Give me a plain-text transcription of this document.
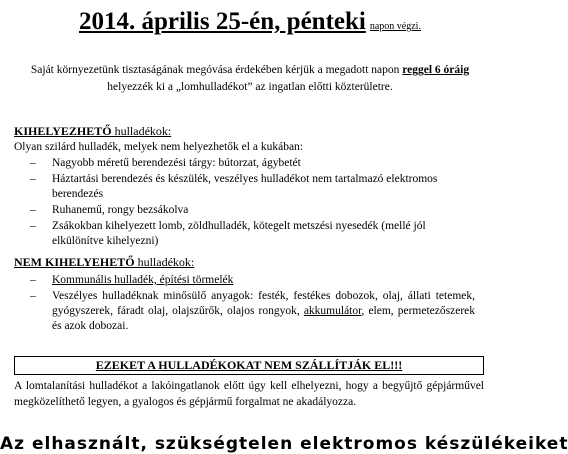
2014. április 25-én, pénteki napon végzi.
Saját környezetünk tisztaságának megóvása érdekében kérjük a megadott napon reggel 6 óráig helyezzék ki a „lomhulladékot” az ingatlan előtti közterületre.
KIHELYEZHETŐ hulladékok:
Olyan szilárd hulladék, melyek nem helyezhetők el a kukában:
– Nagyobb méretű berendezési tárgy: bútorzat, ágybetét
– Háztartási berendezés és készülék, veszélyes hulladékot nem tartalmazó elektromos berendezés
– Ruhanemű, rongy bezsákolva
– Zsákokban kihelyezett lomb, zöldhulladék, kötegelt metszési nyesedék (mellé jól elkülönítve kihelyezni)
NEM KIHELYEHETŐ hulladékok:
– Kommunális hulladék, építési törmelék
– Veszélyes hulladéknak minősülő anyagok: festék, festékes dobozok, olaj, állati tetemek, gyógyszerek, fáradt olaj, olajszűrők, olajos rongyok, akkumulátor, elem, permetezőszerek és azok dobozai.
EZEKET A HULLADÉKOKAT NEM SZÁLLÍTJÁK EL!!!
A lomtalanítási hulladékot a lakóingatlanok előtt úgy kell elhelyezni, hogy a begyűjtő gépjárművel megközelíthető legyen, a gyalogos és gépjármű forgalmat ne akadályozza.
Az elhasznált, szükségtelen elektromos készülékeiket
